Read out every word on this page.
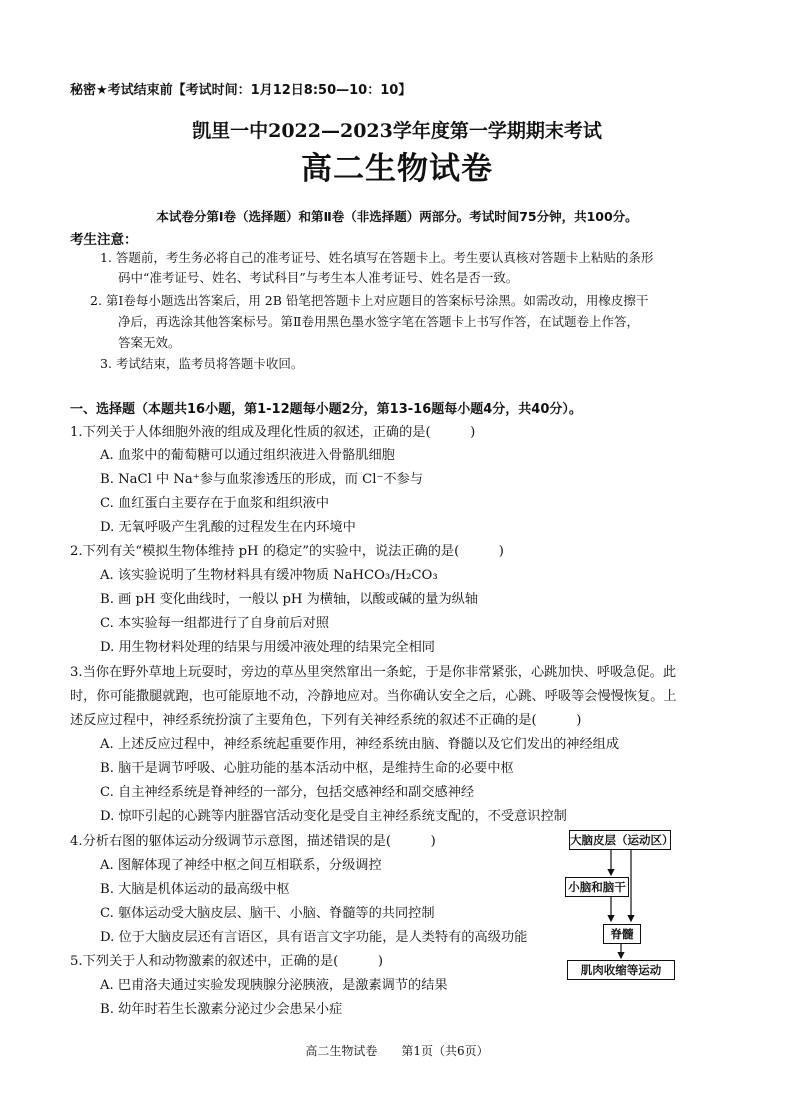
秘密★考试结束前【考试时间：1月12日8:50—10：10】
凯里一中2022—2023学年度第一学期期末考试
高二生物试卷
本试卷分第Ⅰ卷（选择题）和第Ⅱ卷（非选择题）两部分。考试时间75分钟，共100分。
考生注意：
1. 答题前，考生务必将自己的准考证号、姓名填写在答题卡上。考生要认真核对答题卡上粘贴的条形
码中“准考证号、姓名、考试科目”与考生本人准考证号、姓名是否一致。
2. 第Ⅰ卷每小题选出答案后，用 2B 铅笔把答题卡上对应题目的答案标号涂黑。如需改动，用橡皮擦干
净后，再选涂其他答案标号。第Ⅱ卷用黑色墨水签字笔在答题卡上书写作答，在试题卷上作答，
答案无效。
3. 考试结束，监考员将答题卡收回。
一、选择题（本题共16小题，第1-12题每小题2分，第13-16题每小题4分，共40分）。
1.下列关于人体细胞外液的组成及理化性质的叙述，正确的是(　　　)
A. 血浆中的葡萄糖可以通过组织液进入骨骼肌细胞
B. NaCl 中 Na⁺参与血浆渗透压的形成，而 Cl⁻不参与
C. 血红蛋白主要存在于血浆和组织液中
D. 无氧呼吸产生乳酸的过程发生在内环境中
2.下列有关“模拟生物体维持 pH 的稳定”的实验中，说法正确的是(　　　)
A. 该实验说明了生物材料具有缓冲物质 NaHCO₃/H₂CO₃
B. 画 pH 变化曲线时，一般以 pH 为横轴，以酸或碱的量为纵轴
C. 本实验每一组都进行了自身前后对照
D. 用生物材料处理的结果与用缓冲液处理的结果完全相同
3.当你在野外草地上玩耍时，旁边的草丛里突然窜出一条蛇，于是你非常紧张，心跳加快、呼吸急促。此
时，你可能撒腿就跑，也可能原地不动，冷静地应对。当你确认安全之后，心跳、呼吸等会慢慢恢复。上
述反应过程中，神经系统扮演了主要角色，下列有关神经系统的叙述不正确的是(　　　)
A. 上述反应过程中，神经系统起重要作用，神经系统由脑、脊髓以及它们发出的神经组成
B. 脑干是调节呼吸、心脏功能的基本活动中枢，是维持生命的必要中枢
C. 自主神经系统是脊神经的一部分，包括交感神经和副交感神经
D. 惊吓引起的心跳等内脏器官活动变化是受自主神经系统支配的，不受意识控制
4.分析右图的躯体运动分级调节示意图，描述错误的是(　　　)
A. 图解体现了神经中枢之间互相联系，分级调控
B. 大脑是机体运动的最高级中枢
C. 躯体运动受大脑皮层、脑干、小脑、脊髓等的共同控制
D. 位于大脑皮层还有言语区，具有语言文字功能，是人类特有的高级功能
5.下列关于人和动物激素的叙述中，正确的是(　　　)
A. 巴甫洛夫通过实验发现胰腺分泌胰液，是激素调节的结果
B. 幼年时若生长激素分泌过少会患呆小症
大脑皮层（运动区）
小脑和脑干
脊髓
肌肉收缩等运动
高二生物试卷　　第1页（共6页）
